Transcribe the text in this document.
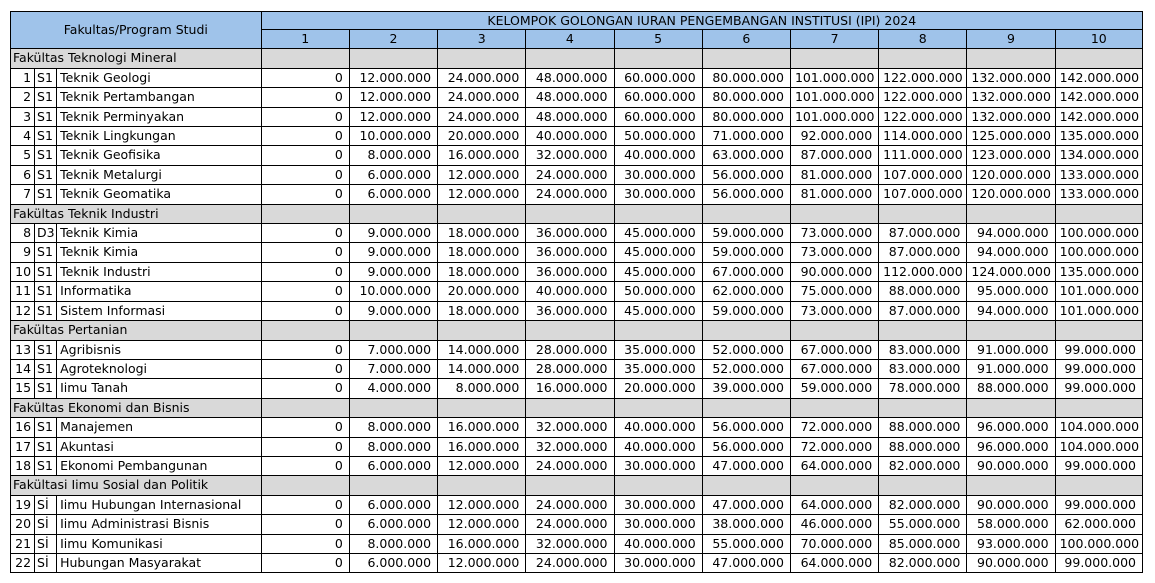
Fakultas/Program Studi			KELOMPOK GOLONGAN IURAN PENGEMBANGAN INSTITUSI (IPI) 2024									
			1	2	3	4	5	6	7	8	9	10
Fakültas Teknologi Mineral												
1	S1	Teknik Geologi	0	12.000.000	24.000.000	48.000.000	60.000.000	80.000.000	101.000.000	122.000.000	132.000.000	142.000.000
2	S1	Teknik Pertambangan	0	12.000.000	24.000.000	48.000.000	60.000.000	80.000.000	101.000.000	122.000.000	132.000.000	142.000.000
3	S1	Teknik Perminyakan	0	12.000.000	24.000.000	48.000.000	60.000.000	80.000.000	101.000.000	122.000.000	132.000.000	142.000.000
4	S1	Teknik Lingkungan	0	10.000.000	20.000.000	40.000.000	50.000.000	71.000.000	92.000.000	114.000.000	125.000.000	135.000.000
5	S1	Teknik Geofisika	0	8.000.000	16.000.000	32.000.000	40.000.000	63.000.000	87.000.000	111.000.000	123.000.000	134.000.000
6	S1	Teknik Metalurgi	0	6.000.000	12.000.000	24.000.000	30.000.000	56.000.000	81.000.000	107.000.000	120.000.000	133.000.000
7	S1	Teknik Geomatika	0	6.000.000	12.000.000	24.000.000	30.000.000	56.000.000	81.000.000	107.000.000	120.000.000	133.000.000
Fakültas Teknik Industri												
8	D3	Teknik Kimia	0	9.000.000	18.000.000	36.000.000	45.000.000	59.000.000	73.000.000	87.000.000	94.000.000	100.000.000
9	S1	Teknik Kimia	0	9.000.000	18.000.000	36.000.000	45.000.000	59.000.000	73.000.000	87.000.000	94.000.000	100.000.000
10	S1	Teknik Industri	0	9.000.000	18.000.000	36.000.000	45.000.000	67.000.000	90.000.000	112.000.000	124.000.000	135.000.000
11	S1	Informatika	0	10.000.000	20.000.000	40.000.000	50.000.000	62.000.000	75.000.000	88.000.000	95.000.000	101.000.000
12	S1	Sistem Informasi	0	9.000.000	18.000.000	36.000.000	45.000.000	59.000.000	73.000.000	87.000.000	94.000.000	101.000.000
Fakültas Pertanian												
13	S1	Agribisnis	0	7.000.000	14.000.000	28.000.000	35.000.000	52.000.000	67.000.000	83.000.000	91.000.000	99.000.000
14	S1	Agroteknologi	0	7.000.000	14.000.000	28.000.000	35.000.000	52.000.000	67.000.000	83.000.000	91.000.000	99.000.000
15	S1	Iimu Tanah	0	4.000.000	8.000.000	16.000.000	20.000.000	39.000.000	59.000.000	78.000.000	88.000.000	99.000.000
Fakültas Ekonomi dan Bisnis												
16	S1	Manajemen	0	8.000.000	16.000.000	32.000.000	40.000.000	56.000.000	72.000.000	88.000.000	96.000.000	104.000.000
17	S1	Akuntasi	0	8.000.000	16.000.000	32.000.000	40.000.000	56.000.000	72.000.000	88.000.000	96.000.000	104.000.000
18	S1	Ekonomi Pembangunan	0	6.000.000	12.000.000	24.000.000	30.000.000	47.000.000	64.000.000	82.000.000	90.000.000	99.000.000
Fakültasi Iimu Sosial dan Politik												
19	Sİ	Iimu Hubungan Internasional	0	6.000.000	12.000.000	24.000.000	30.000.000	47.000.000	64.000.000	82.000.000	90.000.000	99.000.000
20	Sİ	Iimu Administrasi Bisnis	0	6.000.000	12.000.000	24.000.000	30.000.000	38.000.000	46.000.000	55.000.000	58.000.000	62.000.000
21	Sİ	Iimu Komunikasi	0	8.000.000	16.000.000	32.000.000	40.000.000	55.000.000	70.000.000	85.000.000	93.000.000	100.000.000
22	Sİ	Hubungan Masyarakat	0	6.000.000	12.000.000	24.000.000	30.000.000	47.000.000	64.000.000	82.000.000	90.000.000	99.000.000
